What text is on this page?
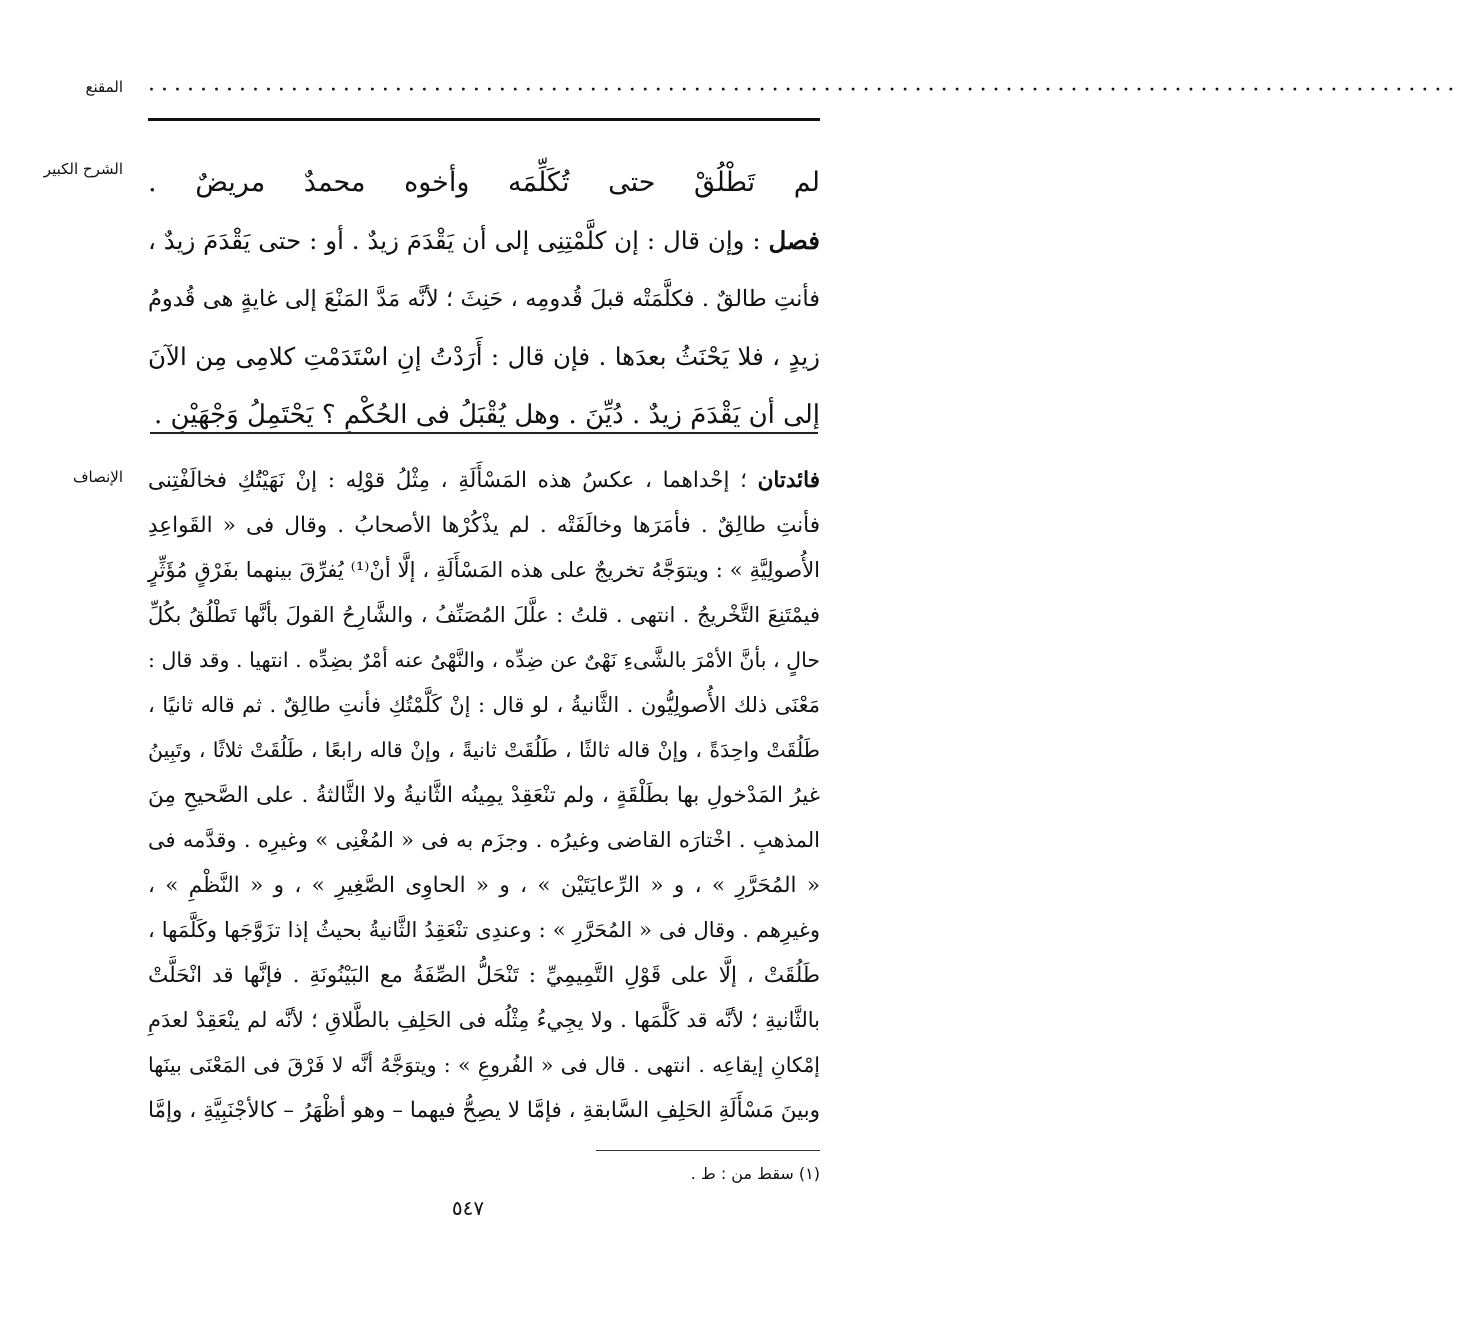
المقنع ·····································································································
الشرح الكبير لم تَطْلُقْ حتى تُكَلِّمَه وأخوه محمدٌ مريضٌ .
فصل : وإن قال : إن كلَّمْتِنِى إلى أن يَقْدَمَ زيدٌ . أو : حتى يَقْدَمَ زيدٌ ،
فأنتِ طالقٌ . فكلَّمَتْه قبلَ قُدومِه ، حَنِثَ ؛ لأنَّه مَدَّ المَنْعَ إلى غايةٍ هى قُدومُ
زيدٍ ، فلا يَحْنَثُ بعدَها . فإن قال : أَرَدْتُ إنِ اسْتَدَمْتِ كلامِى مِن الآنَ
إلى أن يَقْدَمَ زيدٌ . دُيِّنَ . وهل يُقْبَلُ فى الحُكْمِ ؟ يَحْتَمِلُ وَجْهَيْنِ .
الإنصاف	فائدتان ؛ إحْداهما ، عكسُ هذه المَسْأَلَةِ ، مِثْلُ قوْلِه : إنْ نَهَيْتُكِ فخالَفْتِنى
فأنتِ طالِقٌ . فأمَرَها وخالَفَتْه . لم يذْكُرْها الأصحابُ . وقال فى « القَواعِدِ
الأُصولِيَّةِ » : ويتوَجَّهُ تخريجٌ على هذه المَسْأَلَةِ ، إلَّا أنْ⁽¹⁾ يُفرِّقَ بينهما بفَرْقٍ مُؤَثِّرٍ
فيمْتَنِعَ التَّخْريجُ . انتهى . قلتُ : علَّلَ المُصَنِّفُ ، والشَّارِحُ القولَ بأنَّها تَطْلُقُ بكُلِّ
حالٍ ، بأنَّ الأمْرَ بالشَّىءِ نَهْىٌ عن ضِدِّه ، والنَّهْىُ عنه أمْرٌ بضِدِّه . انتهيا . وقد قال :
مَعْنَى ذلك الأُصولِيُّون . الثَّانيةُ ، لو قال : إنْ كَلَّمْتُكِ فأنتِ طالِقٌ . ثم قاله ثانيًا ،
طَلُقَتْ واحِدَةً ، وإنْ قاله ثالثًا ، طَلُقَتْ ثانيةً ، وإنْ قاله رابعًا ، طَلُقَتْ ثلاثًا ، وتَبِينُ
غيرُ المَدْخولِ بها بطَلْقَةٍ ، ولم تنْعَقِدْ يمِينُه الثَّانيةُ ولا الثَّالثةُ . على الصَّحيحِ مِنَ
المذهبِ . اخْتارَه القاضى وغيرُه . وجزَم به فى « المُغْنِى » وغيرِه . وقدَّمه فى
« المُحَرَّرِ » ، و « الرِّعايَتَيْن » ، و « الحاوِى الصَّغِيرِ » ، و « النَّظْمِ » ،
وغيرِهم . وقال فى « المُحَرَّرِ » : وعندِى تنْعَقِدُ الثَّانيةُ بحيثُ إذا تزَوَّجَها وكَلَّمَها ،
طَلُقَتْ ، إلَّا على قَوْلِ التَّمِيمِيِّ : تَنْحَلُّ الصِّفَةُ مع البَيْنُونَةِ . فإنَّها قد انْحَلَّتْ
بالثَّانيةِ ؛ لأنَّه قد كَلَّمَها . ولا يجِيءُ مِثْلُه فى الحَلِفِ بالطَّلاقِ ؛ لأنَّه لم ينْعَقِدْ لعدَمِ
إمْكانِ إيقاعِه . انتهى . قال فى « الفُروعِ » : ويتوَجَّهُ أنَّه لا فَرْقَ فى المَعْنَى بينَها
وبينَ مَسْأَلَةِ الحَلِفِ السَّابقةِ ، فإمَّا لا يصِحُّ فيهما – وهو أظْهَرُ – كالأجْنَبِيَّةِ ، وإمَّا
(١) سقط من : ط .
٥٤٧
